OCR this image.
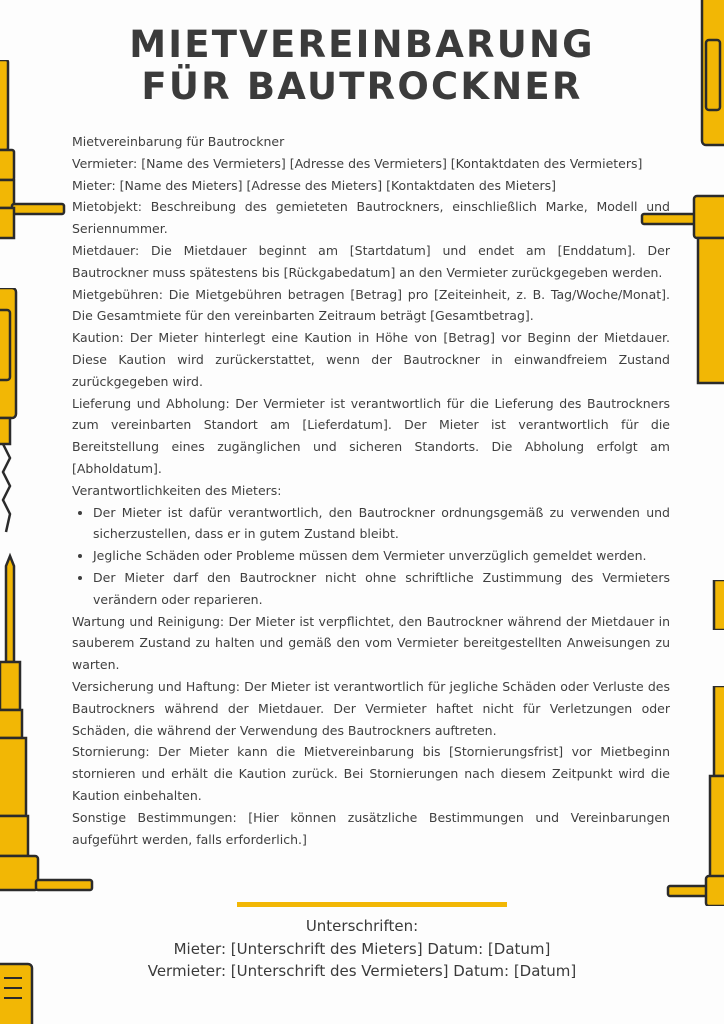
MIETVEREINBARUNG
FÜR BAUTROCKNER

Mietvereinbarung für Bautrockner

Vermieter: [Name des Vermieters] [Adresse des Vermieters] [Kontaktdaten des Vermieters]

Mieter: [Name des Mieters] [Adresse des Mieters] [Kontaktdaten des Mieters]

Mietobjekt: Beschreibung des gemieteten Bautrockners, einschließlich Marke, Modell und Seriennummer.

Mietdauer: Die Mietdauer beginnt am [Startdatum] und endet am [Enddatum]. Der Bautrockner muss spätestens bis [Rückgabedatum] an den Vermieter zurückgegeben werden.

Mietgebühren: Die Mietgebühren betragen [Betrag] pro [Zeiteinheit, z. B. Tag/Woche/Monat]. Die Gesamtmiete für den vereinbarten Zeitraum beträgt [Gesamtbetrag].

Kaution: Der Mieter hinterlegt eine Kaution in Höhe von [Betrag] vor Beginn der Mietdauer. Diese Kaution wird zurückerstattet, wenn der Bautrockner in einwandfreiem Zustand zurückgegeben wird.

Lieferung und Abholung: Der Vermieter ist verantwortlich für die Lieferung des Bautrockners zum vereinbarten Standort am [Lieferdatum]. Der Mieter ist verantwortlich für die Bereitstellung eines zugänglichen und sicheren Standorts. Die Abholung erfolgt am [Abholdatum].

Verantwortlichkeiten des Mieters:

• Der Mieter ist dafür verantwortlich, den Bautrockner ordnungsgemäß zu verwenden und sicherzustellen, dass er in gutem Zustand bleibt.
• Jegliche Schäden oder Probleme müssen dem Vermieter unverzüglich gemeldet werden.
• Der Mieter darf den Bautrockner nicht ohne schriftliche Zustimmung des Vermieters verändern oder reparieren.

Wartung und Reinigung: Der Mieter ist verpflichtet, den Bautrockner während der Mietdauer in sauberem Zustand zu halten und gemäß den vom Vermieter bereitgestellten Anweisungen zu warten.

Versicherung und Haftung: Der Mieter ist verantwortlich für jegliche Schäden oder Verluste des Bautrockners während der Mietdauer. Der Vermieter haftet nicht für Verletzungen oder Schäden, die während der Verwendung des Bautrockners auftreten.

Stornierung: Der Mieter kann die Mietvereinbarung bis [Stornierungsfrist] vor Mietbeginn stornieren und erhält die Kaution zurück. Bei Stornierungen nach diesem Zeitpunkt wird die Kaution einbehalten.

Sonstige Bestimmungen: [Hier können zusätzliche Bestimmungen und Vereinbarungen aufgeführt werden, falls erforderlich.]

Unterschriften:
Mieter: [Unterschrift des Mieters] Datum: [Datum]
Vermieter: [Unterschrift des Vermieters] Datum: [Datum]
